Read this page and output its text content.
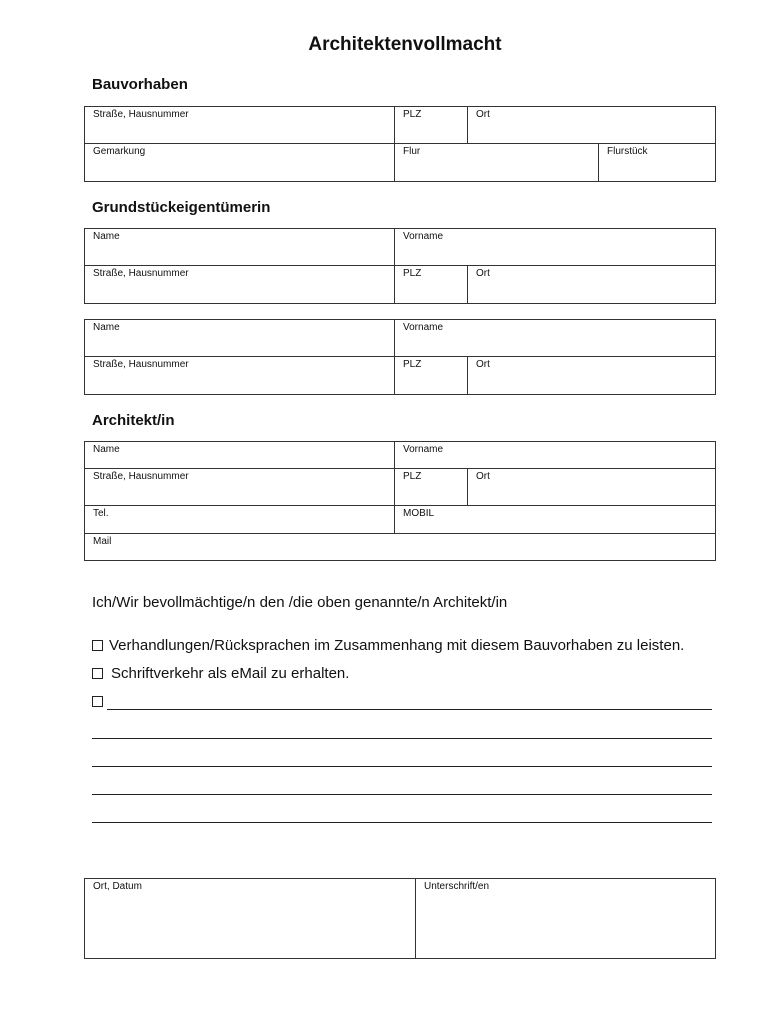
Architektenvollmacht
Bauvorhaben
Straße, Hausnummer	PLZ	Ort
Gemarkung	Flur	Flurstück
Grundstückeigentümerin
Name	Vorname
Straße, Hausnummer	PLZ	Ort
Name	Vorname
Straße, Hausnummer	PLZ	Ort
Architekt/in
Name	Vorname
Straße, Hausnummer	PLZ	Ort
Tel.	MOBIL
Mail
Ich/Wir bevollmächtige/n den /die oben genannte/n Architekt/in
Verhandlungen/Rücksprachen im Zusammenhang mit diesem Bauvorhaben zu leisten.
Schriftverkehr als eMail zu erhalten.
Ort, Datum	Unterschrift/en
